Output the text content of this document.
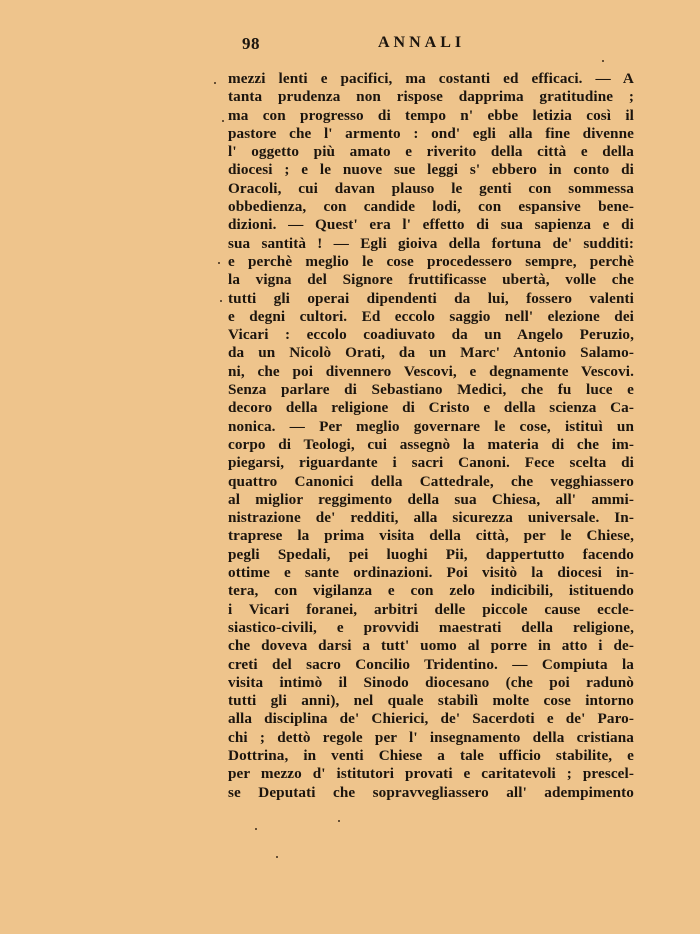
98	ANNALI
mezzi lenti e pacifici, ma costanti ed efficaci. — A
tanta prudenza non rispose dapprima gratitudine ;
ma con progresso di tempo n' ebbe letizia così il
pastore che l' armento : ond' egli alla fine divenne
l' oggetto più amato e riverito della città e della
diocesi ; e le nuove sue leggi s' ebbero in conto di
Oracoli, cui davan plauso le genti con sommessa
obbedienza, con candide lodi, con espansive bene-
dizioni. — Quest' era l' effetto di sua sapienza e di
sua santità ! — Egli gioiva della fortuna de' sudditi:
e perchè meglio le cose procedessero sempre, perchè
la vigna del Signore fruttificasse ubertà, volle che
tutti gli operai dipendenti da lui, fossero valenti
e degni cultori. Ed eccolo saggio nell' elezione dei
Vicari : eccolo coadiuvato da un Angelo Peruzio,
da un Nicolò Orati, da un Marc' Antonio Salamo-
ni, che poi divennero Vescovi, e degnamente Vescovi.
Senza parlare di Sebastiano Medici, che fu luce e
decoro della religione di Cristo e della scienza Ca-
nonica. — Per meglio governare le cose, istituì un
corpo di Teologi, cui assegnò la materia di che im-
piegarsi, riguardante i sacri Canoni. Fece scelta di
quattro Canonici della Cattedrale, che vegghiassero
al miglior reggimento della sua Chiesa, all' ammi-
nistrazione de' redditi, alla sicurezza universale. In-
traprese la prima visita della città, per le Chiese,
pegli Spedali, pei luoghi Pii, dappertutto facendo
ottime e sante ordinazioni. Poi visitò la diocesi in-
tera, con vigilanza e con zelo indicibili, istituendo
i Vicari foranei, arbitri delle piccole cause eccle-
siastico-civili, e provvidi maestrati della religione,
che doveva darsi a tutt' uomo al porre in atto i de-
creti del sacro Concilio Tridentino. — Compiuta la
visita intimò il Sinodo diocesano (che poi radunò
tutti gli anni), nel quale stabilì molte cose intorno
alla disciplina de' Chierici, de' Sacerdoti e de' Paro-
chi ; dettò regole per l' insegnamento della cristiana
Dottrina, in venti Chiese a tale ufficio stabilite, e
per mezzo d' istitutori provati e caritatevoli ; prescel-
se Deputati che sopravvegliassero all' adempimento
